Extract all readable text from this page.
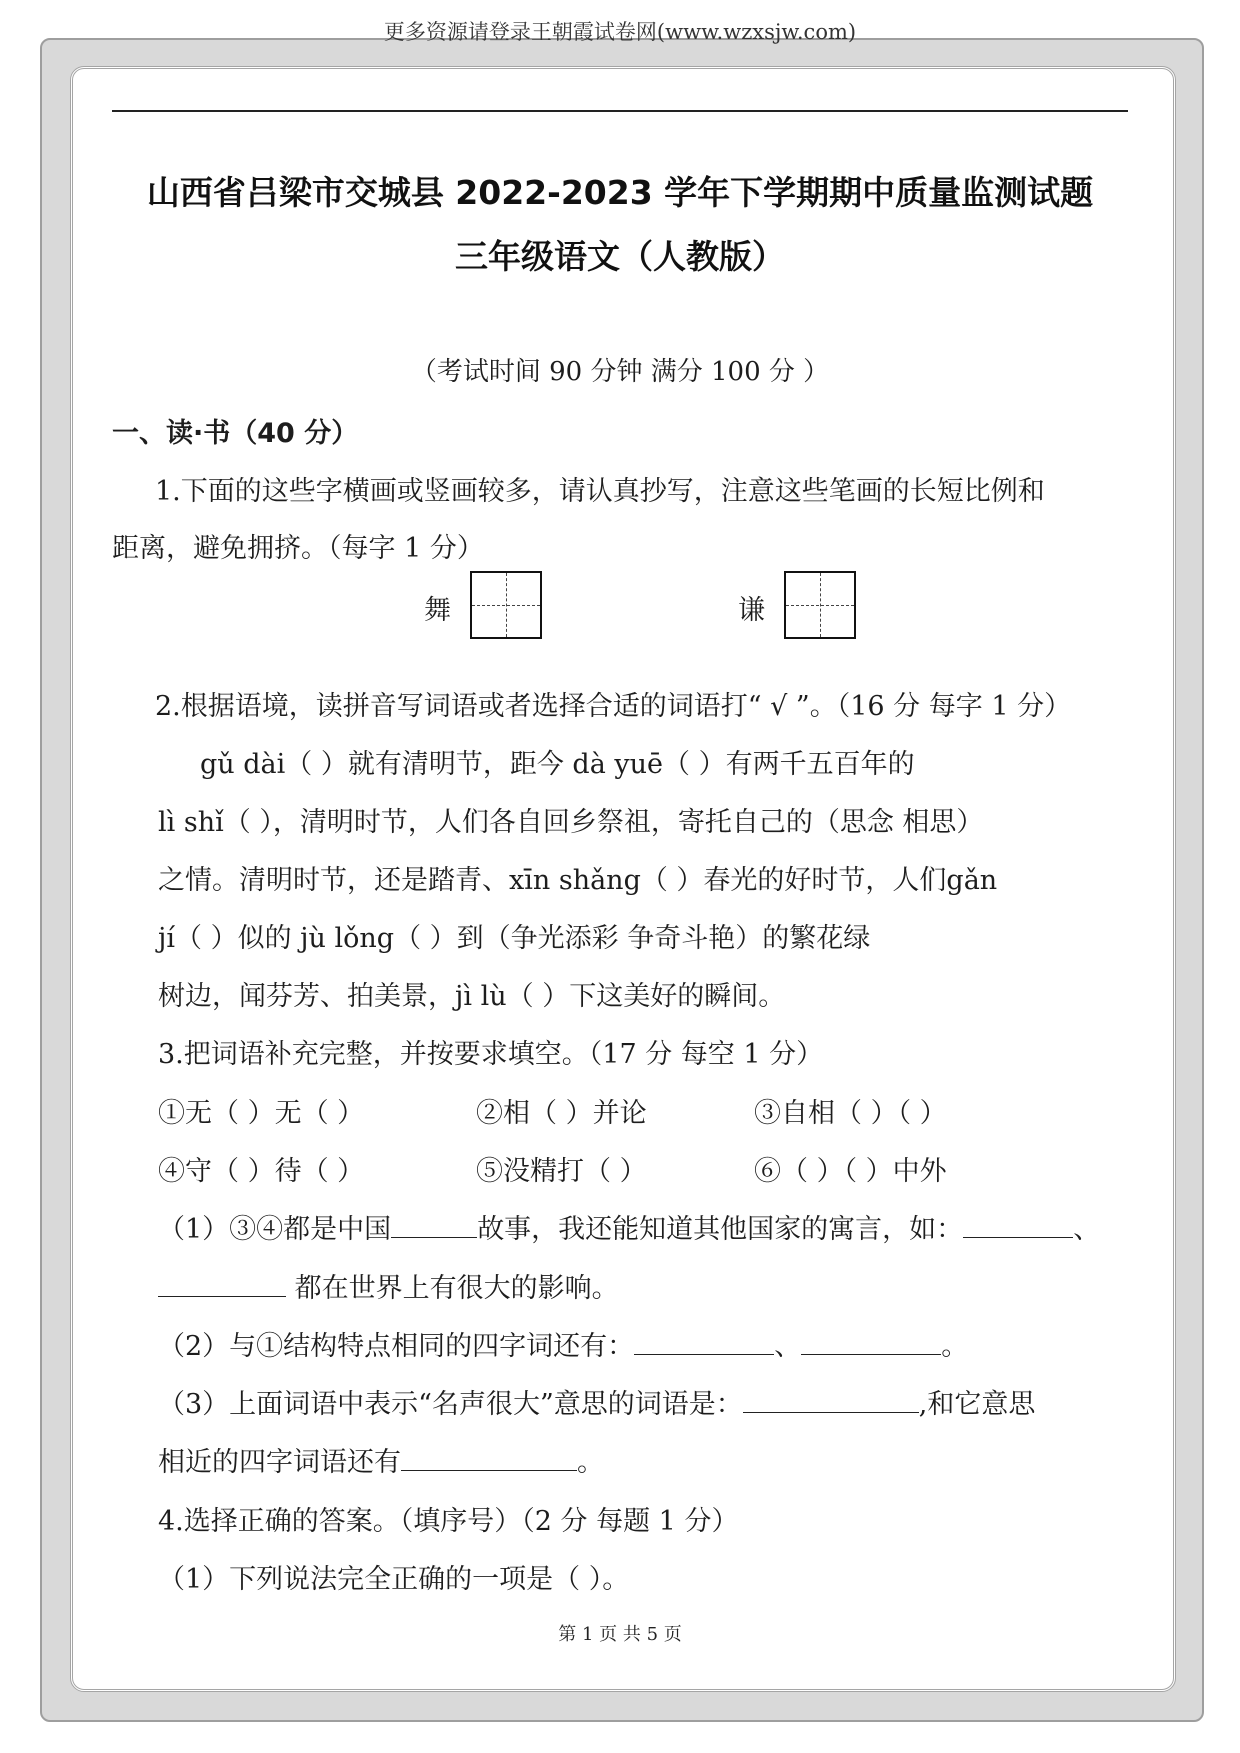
更多资源请登录王朝霞试卷网(www.wzxsjw.com)
山西省吕梁市交城县 2022-2023 学年下学期期中质量监测试题
三年级语文（人教版）
（考试时间 90 分钟 满分 100 分 ）
一、读·书（40 分）
1.下面的这些字横画或竖画较多，请认真抄写，注意这些笔画的长短比例和
距离，避免拥挤。（每字 1 分）
舞	谦
2.根据语境，读拼音写词语或者选择合适的词语打“ √ ”。（16 分 每字 1 分）
gǔ dài（ ）就有清明节，距今 dà yuē（ ）有两千五百年的
lì shǐ（ ），清明时节，人们各自回乡祭祖，寄托自己的（思念 相思）
之情。清明时节，还是踏青、xīn shǎng（ ）春光的好时节，人们gǎn
jí（ ）似的 jù lǒng（ ）到（争光添彩 争奇斗艳）的繁花绿
树边，闻芬芳、拍美景，jì lù（ ）下这美好的瞬间。
3.把词语补充完整，并按要求填空。（17 分 每空 1 分）
①无（ ）无（ ）	②相（ ）并论	③自相（ ）（ ）
④守（ ）待（ ）	⑤没精打（ ）	⑥（ ）（ ）中外
（1）③④都是中国	故事，我还能知道其他国家的寓言，如：	、
都在世界上有很大的影响。
（2）与①结构特点相同的四字词还有：	、	。
（3）上面词语中表示“名声很大”意思的词语是：	,和它意思
相近的四字词语还有	。
4.选择正确的答案。（填序号）（2 分 每题 1 分）
（1）下列说法完全正确的一项是（ ）。
第 1 页 共 5 页
